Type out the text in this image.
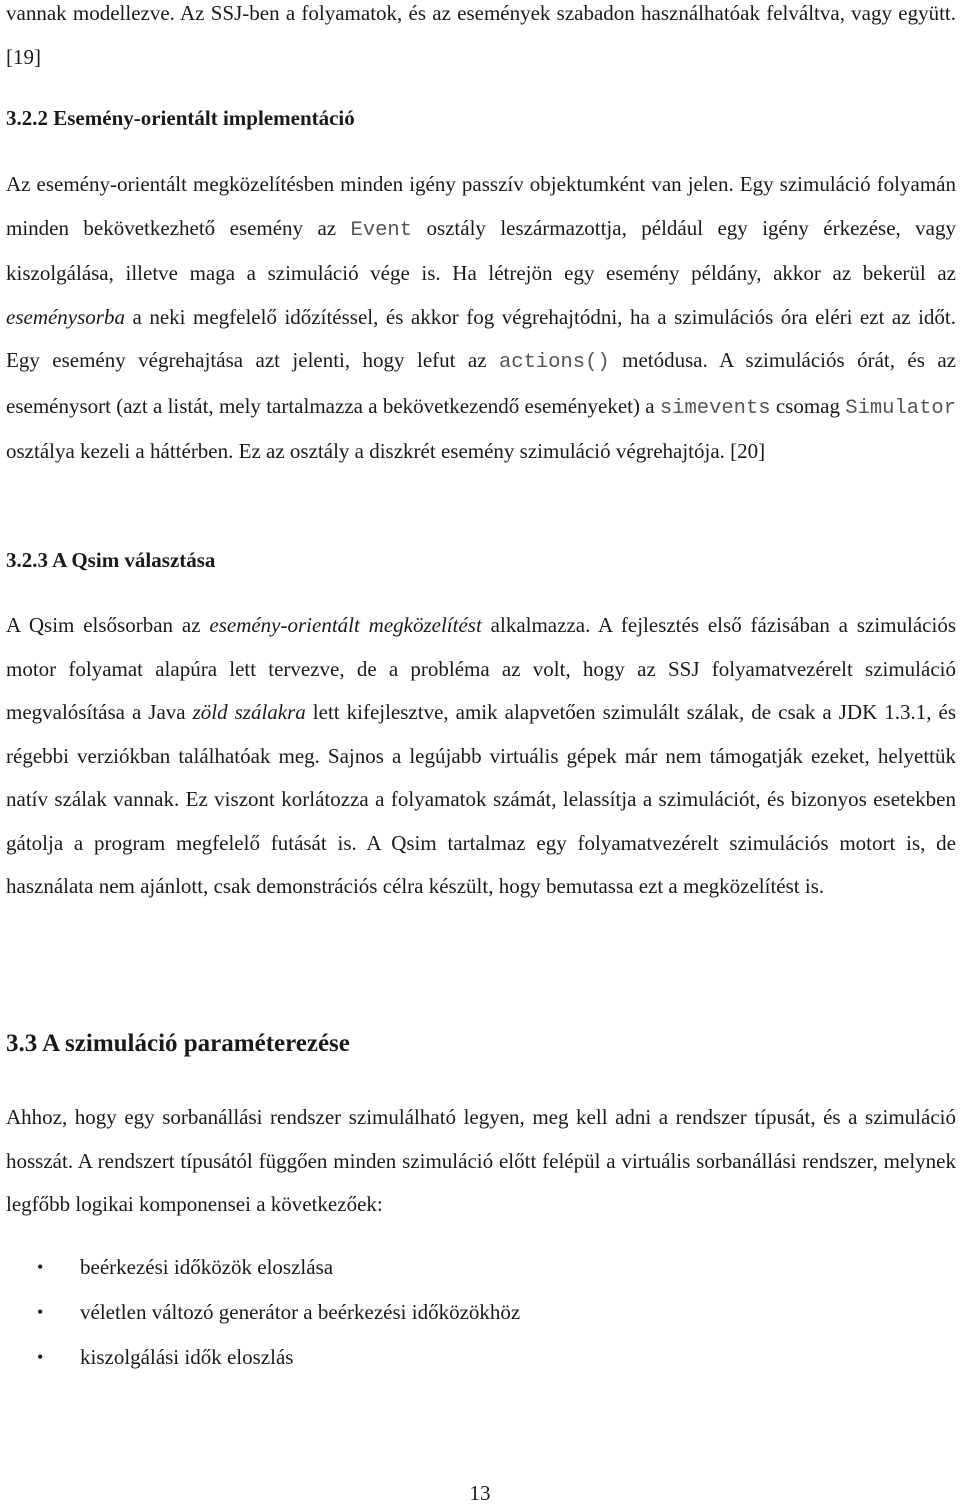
vannak modellezve. Az SSJ-ben a folyamatok, és az események szabadon használhatóak felváltva, vagy együtt. [19]

3.2.2 Esemény-orientált implementáció

Az esemény-orientált megközelítésben minden igény passzív objektumként van jelen. Egy szimuláció folyamán minden bekövetkezhető esemény az Event osztály leszármazottja, például egy igény érkezése, vagy kiszolgálása, illetve maga a szimuláció vége is. Ha létrejön egy esemény példány, akkor az bekerül az eseménysorba a neki megfelelő időzítéssel, és akkor fog végrehajtódni, ha a szimulációs óra eléri ezt az időt. Egy esemény végrehajtása azt jelenti, hogy lefut az actions() metódusa. A szimulációs órát, és az eseménysort (azt a listát, mely tartalmazza a bekövetkezendő eseményeket) a simevents csomag Simulator osztálya kezeli a háttérben. Ez az osztály a diszkrét esemény szimuláció végrehajtója. [20]

3.2.3 A Qsim választása

A Qsim elsősorban az esemény-orientált megközelítést alkalmazza. A fejlesztés első fázisában a szimulációs motor folyamat alapúra lett tervezve, de a probléma az volt, hogy az SSJ folyamatvezérelt szimuláció megvalósítása a Java zöld szálakra lett kifejlesztve, amik alapvetően szimulált szálak, de csak a JDK 1.3.1, és régebbi verziókban találhatóak meg. Sajnos a legújabb virtuális gépek már nem támogatják ezeket, helyettük natív szálak vannak. Ez viszont korlátozza a folyamatok számát, lelassítja a szimulációt, és bizonyos esetekben gátolja a program megfelelő futását is. A Qsim tartalmaz egy folyamatvezérelt szimulációs motort is, de használata nem ajánlott, csak demonstrációs célra készült, hogy bemutassa ezt a megközelítést is.

3.3 A szimuláció paraméterezése

Ahhoz, hogy egy sorbanállási rendszer szimulálható legyen, meg kell adni a rendszer típusát, és a szimuláció hosszát. A rendszert típusától függően minden szimuláció előtt felépül a virtuális sorbanállási rendszer, melynek legfőbb logikai komponensei a következőek:

• beérkezési időközök eloszlása
• véletlen változó generátor a beérkezési időközökhöz
• kiszolgálási idők eloszlás
13
